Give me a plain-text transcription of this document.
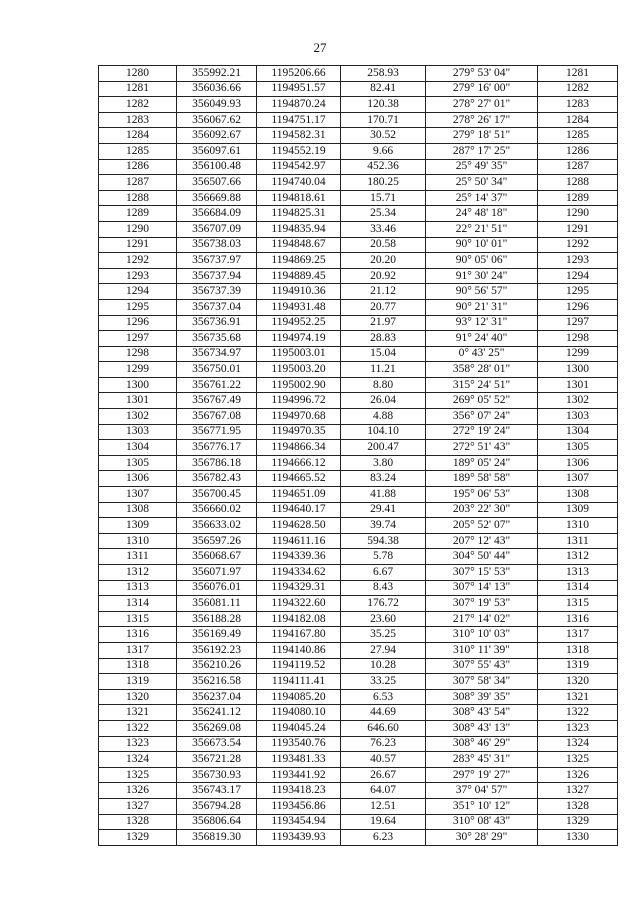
27
1280	355992.21	1195206.66	258.93	279° 53' 04"	1281
1281	356036.66	1194951.57	82.41	279° 16' 00"	1282
1282	356049.93	1194870.24	120.38	278° 27' 01"	1283
1283	356067.62	1194751.17	170.71	278° 26' 17"	1284
1284	356092.67	1194582.31	30.52	279° 18' 51"	1285
1285	356097.61	1194552.19	9.66	287° 17' 25"	1286
1286	356100.48	1194542.97	452.36	25° 49' 35"	1287
1287	356507.66	1194740.04	180.25	25° 50' 34"	1288
1288	356669.88	1194818.61	15.71	25° 14' 37"	1289
1289	356684.09	1194825.31	25.34	24° 48' 18"	1290
1290	356707.09	1194835.94	33.46	22° 21' 51"	1291
1291	356738.03	1194848.67	20.58	90° 10' 01"	1292
1292	356737.97	1194869.25	20.20	90° 05' 06"	1293
1293	356737.94	1194889.45	20.92	91° 30' 24"	1294
1294	356737.39	1194910.36	21.12	90° 56' 57"	1295
1295	356737.04	1194931.48	20.77	90° 21' 31"	1296
1296	356736.91	1194952.25	21.97	93° 12' 31"	1297
1297	356735.68	1194974.19	28.83	91° 24' 40"	1298
1298	356734.97	1195003.01	15.04	0° 43' 25"	1299
1299	356750.01	1195003.20	11.21	358° 28' 01"	1300
1300	356761.22	1195002.90	8.80	315° 24' 51"	1301
1301	356767.49	1194996.72	26.04	269° 05' 52"	1302
1302	356767.08	1194970.68	4.88	356° 07' 24"	1303
1303	356771.95	1194970.35	104.10	272° 19' 24"	1304
1304	356776.17	1194866.34	200.47	272° 51' 43"	1305
1305	356786.18	1194666.12	3.80	189° 05' 24"	1306
1306	356782.43	1194665.52	83.24	189° 58' 58"	1307
1307	356700.45	1194651.09	41.88	195° 06' 53"	1308
1308	356660.02	1194640.17	29.41	203° 22' 30"	1309
1309	356633.02	1194628.50	39.74	205° 52' 07"	1310
1310	356597.26	1194611.16	594.38	207° 12' 43"	1311
1311	356068.67	1194339.36	5.78	304° 50' 44"	1312
1312	356071.97	1194334.62	6.67	307° 15' 53"	1313
1313	356076.01	1194329.31	8.43	307° 14' 13"	1314
1314	356081.11	1194322.60	176.72	307° 19' 53"	1315
1315	356188.28	1194182.08	23.60	217° 14' 02"	1316
1316	356169.49	1194167.80	35.25	310° 10' 03"	1317
1317	356192.23	1194140.86	27.94	310° 11' 39"	1318
1318	356210.26	1194119.52	10.28	307° 55' 43"	1319
1319	356216.58	1194111.41	33.25	307° 58' 34"	1320
1320	356237.04	1194085.20	6.53	308° 39' 35"	1321
1321	356241.12	1194080.10	44.69	308° 43' 54"	1322
1322	356269.08	1194045.24	646.60	308° 43' 13"	1323
1323	356673.54	1193540.76	76.23	308° 46' 29"	1324
1324	356721.28	1193481.33	40.57	283° 45' 31"	1325
1325	356730.93	1193441.92	26.67	297° 19' 27"	1326
1326	356743.17	1193418.23	64.07	37° 04' 57"	1327
1327	356794.28	1193456.86	12.51	351° 10' 12"	1328
1328	356806.64	1193454.94	19.64	310° 08' 43"	1329
1329	356819.30	1193439.93	6.23	30° 28' 29"	1330
